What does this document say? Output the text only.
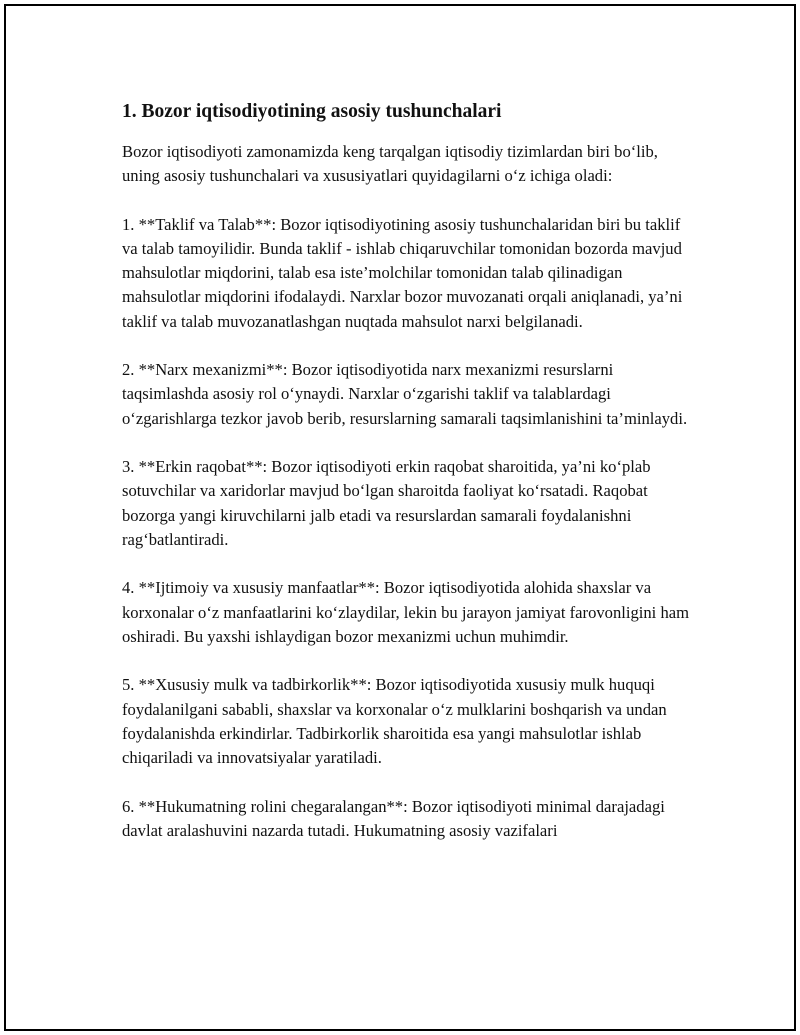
1. Bozor iqtisodiyotining asosiy tushunchalari

Bozor iqtisodiyoti zamonamizda keng tarqalgan iqtisodiy tizimlardan biri bo‘lib, uning asosiy tushunchalari va xususiyatlari quyidagilarni o‘z ichiga oladi:

1. **Taklif va Talab**: Bozor iqtisodiyotining asosiy tushunchalaridan biri bu taklif va talab tamoyilidir. Bunda taklif - ishlab chiqaruvchilar tomonidan bozorda mavjud mahsulotlar miqdorini, talab esa iste’molchilar tomonidan talab qilinadigan mahsulotlar miqdorini ifodalaydi. Narxlar bozor muvozanati orqali aniqlanadi, ya’ni taklif va talab muvozanatlashgan nuqtada mahsulot narxi belgilanadi.

2. **Narx mexanizmi**: Bozor iqtisodiyotida narx mexanizmi resurslarni taqsimlashda asosiy rol o‘ynaydi. Narxlar o‘zgarishi taklif va talablardagi o‘zgarishlarga tezkor javob berib, resurslarning samarali taqsimlanishini ta’minlaydi.

3. **Erkin raqobat**: Bozor iqtisodiyoti erkin raqobat sharoitida, ya’ni ko‘plab sotuvchilar va xaridorlar mavjud bo‘lgan sharoitda faoliyat ko‘rsatadi. Raqobat bozorga yangi kiruvchilarni jalb etadi va resurslardan samarali foydalanishni rag‘batlantiradi.

4. **Ijtimoiy va xususiy manfaatlar**: Bozor iqtisodiyotida alohida shaxslar va korxonalar o‘z manfaatlarini ko‘zlaydilar, lekin bu jarayon jamiyat farovonligini ham oshiradi. Bu yaxshi ishlaydigan bozor mexanizmi uchun muhimdir.

5. **Xususiy mulk va tadbirkorlik**: Bozor iqtisodiyotida xususiy mulk huquqi foydalanilgani sababli, shaxslar va korxonalar o‘z mulklarini boshqarish va undan foydalanishda erkindirlar. Tadbirkorlik sharoitida esa yangi mahsulotlar ishlab chiqariladi va innovatsiyalar yaratiladi.

6. **Hukumatning rolini chegaralangan**: Bozor iqtisodiyoti minimal darajadagi davlat aralashuvini nazarda tutadi. Hukumatning asosiy vazifalari
